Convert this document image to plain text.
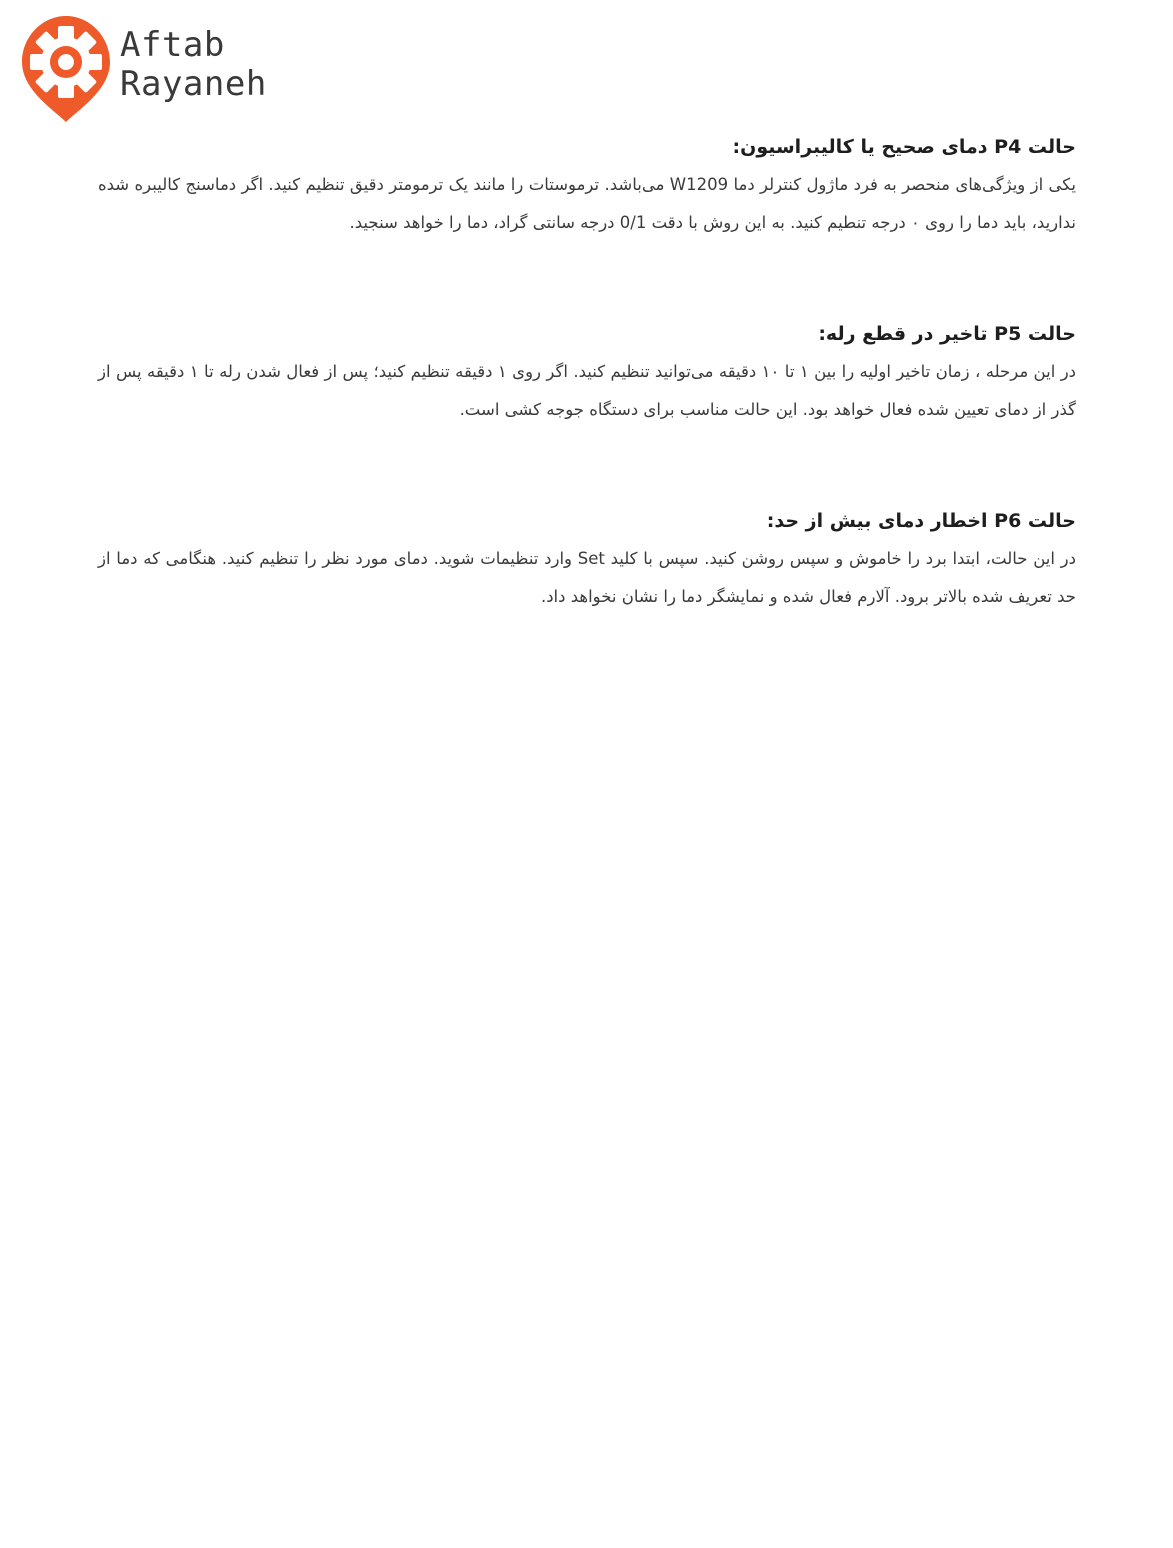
Aftab
Rayaneh
حالت P4 دمای صحیح یا کالیبراسیون:

یکی از ویژگی‌های منحصر به فرد ماژول کنترلر دما W1209 می‌باشد. ترموستات را مانند یک ترمومتر دقیق تنظیم کنید. اگر دماسنج کالیبره شده ندارید، باید دما را روی ۰ درجه تنطیم کنید. به این روش با دقت 0/1 درجه سانتی گراد، دما را خواهد سنجید.

حالت P5 تاخیر در قطع رله:

در این مرحله ، زمان تاخیر اولیه را بین ۱ تا ۱۰ دقیقه می‌توانید تنظیم کنید. اگر روی ۱ دقیقه تنظیم کنید؛ پس از فعال شدن رله تا ۱ دقیقه پس از گذر از دمای تعیین شده فعال خواهد بود. این حالت مناسب برای دستگاه جوجه کشی است.

حالت P6 اخطار دمای بیش از حد:

در این حالت، ابتدا برد را خاموش و سپس روشن کنید. سپس با کلید Set وارد تنظیمات شوید. دمای مورد نظر را تنظیم کنید. هنگامی که دما از حد تعریف شده بالاتر برود. آلارم فعال شده و نمایشگر دما را نشان نخواهد داد.
